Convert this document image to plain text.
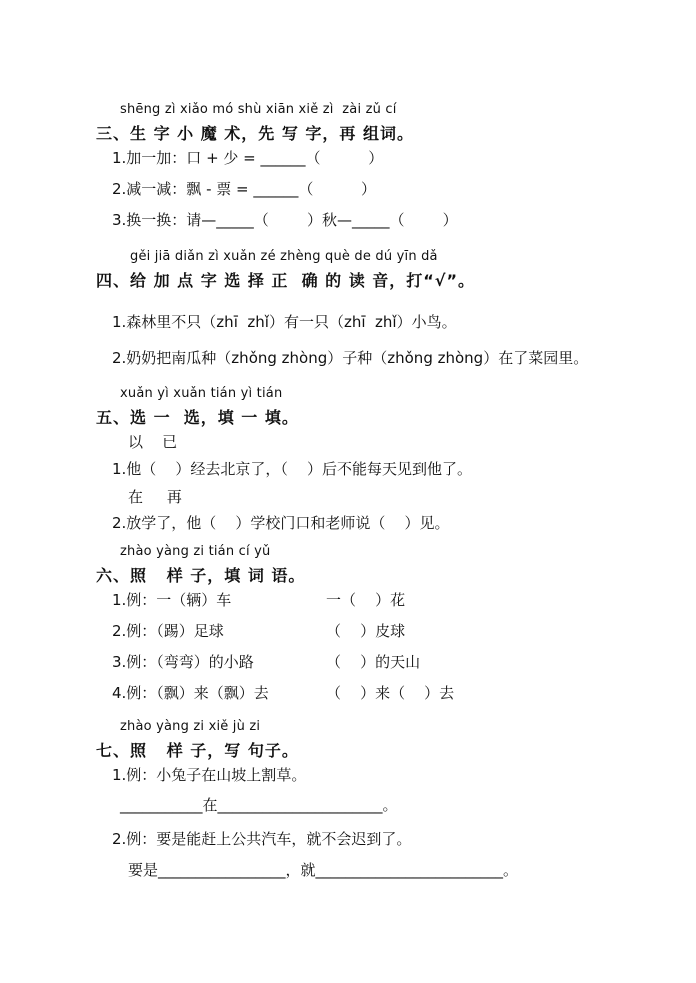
shēng zì xiǎo mó shù xiān xiě zì  zài zǔ cí
三、生 字 小 魔 术，先 写 字，再 组词。
1.加一加：口 + 少 = ______（          ）
2.减一减：飘 - 票 = ______（          ）
3.换一换：请—_____（        ）秋—_____（        ）
gěi jiā diǎn zì xuǎn zé zhèng què de dú yīn dǎ
四、给 加 点 字 选 择 正  确 的 读 音，打“√”。
1.森林里不只（zhī  zhǐ）有一只（zhī  zhǐ）小鸟。
2.奶奶把南瓜种（zhǒng zhòng）子种（zhǒng zhòng）在了菜园里。
xuǎn yì xuǎn tián yì tián
五、选 一  选，填 一 填。
以    已
1.他（    ）经去北京了，（    ）后不能每天见到他了。
在     再
2.放学了，他（    ）学校门口和老师说（    ）见。
zhào yàng zi tián cí yǔ
六、照   样 子，填 词 语。
1.例：一（辆）车	一（    ）花
2.例：（踢）足球	（    ）皮球
3.例：（弯弯）的小路	（    ）的天山
4.例：（飘）来（飘）去	（    ）来（    ）去
zhào yàng zi xiě jù zi
七、照   样 子，写 句子。
1.例：小兔子在山坡上割草。
___________在______________________。
2.例：要是能赶上公共汽车，就不会迟到了。
要是_________________，就_________________________。
